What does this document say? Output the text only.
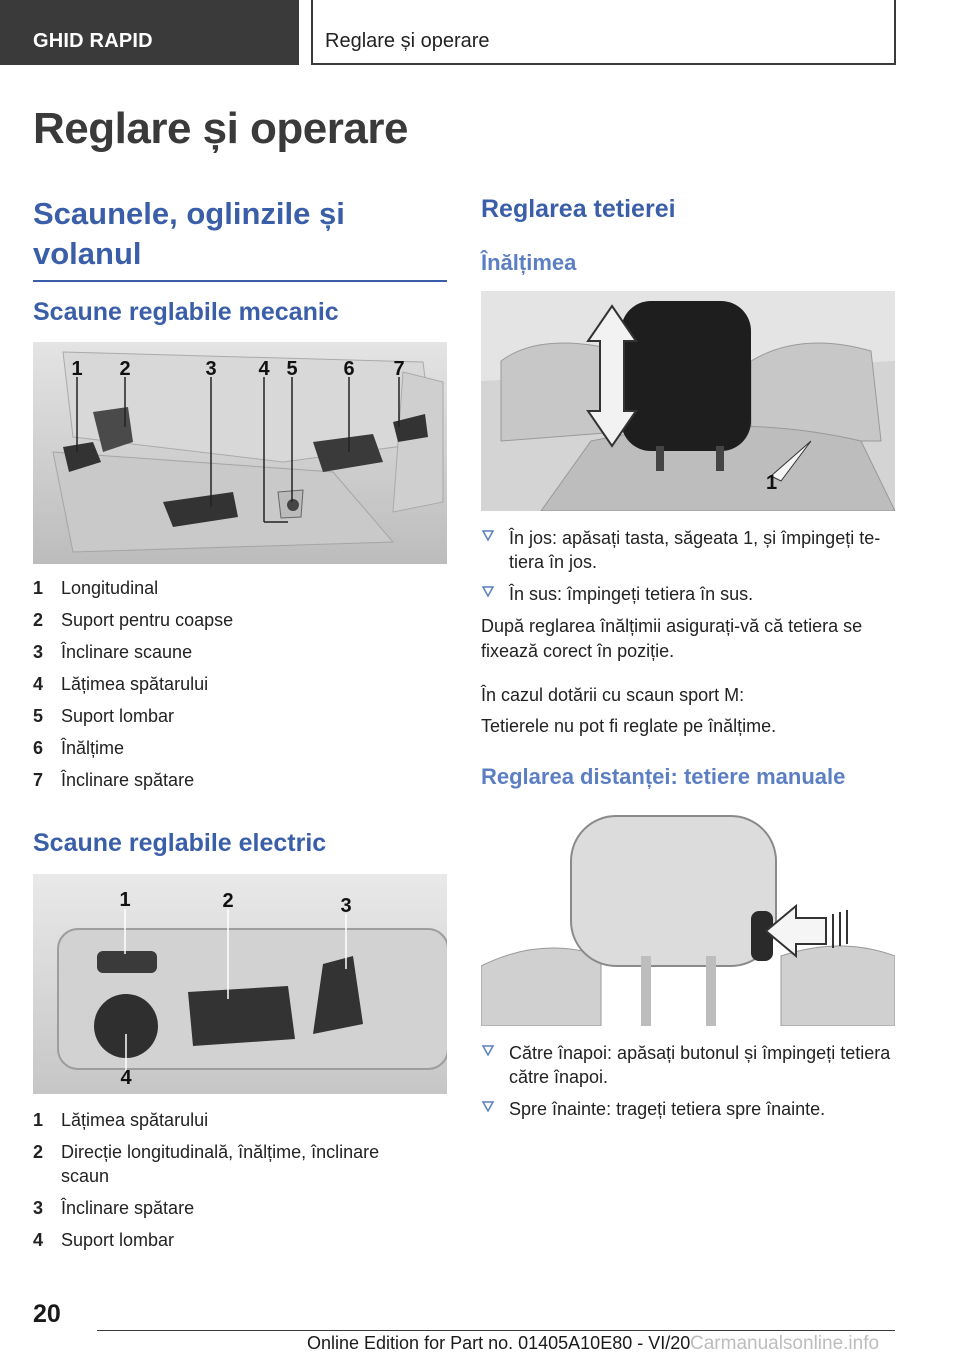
GHID RAPID	Reglare și operare
Reglare și operare
Scaunele, oglinzile și volanul
Scaune reglabile mecanic
1 2	3 4 5 6 7
1 Longitudinal
2 Suport pentru coapse
3 Înclinare scaune
4 Lățimea spătarului
5 Suport lombar
6 Înălțime
7 Înclinare spătare
Scaune reglabile electric
1	2	3
4
1 Lățimea spătarului
2 Direcție longitudinală, înălțime, înclinare scaun
3 Înclinare spătare
4 Suport lombar
Reglarea tetierei
Înălțimea
1
În jos: apăsați tasta, săgeata 1, și împingeți tetiera în jos.
În sus: împingeți tetiera în sus.
După reglarea înălțimii asigurați-vă că tetiera se fixează corect în poziție.
În cazul dotării cu scaun sport M:
Tetierele nu pot fi reglate pe înălțime.
Reglarea distanței: tetiere manuale
Către înapoi: apăsați butonul și împingeți tetiera către înapoi.
Spre înainte: trageți tetiera spre înainte.
20
Online Edition for Part no. 01405A10E80 - VI/20 Carmanualsonline.info
